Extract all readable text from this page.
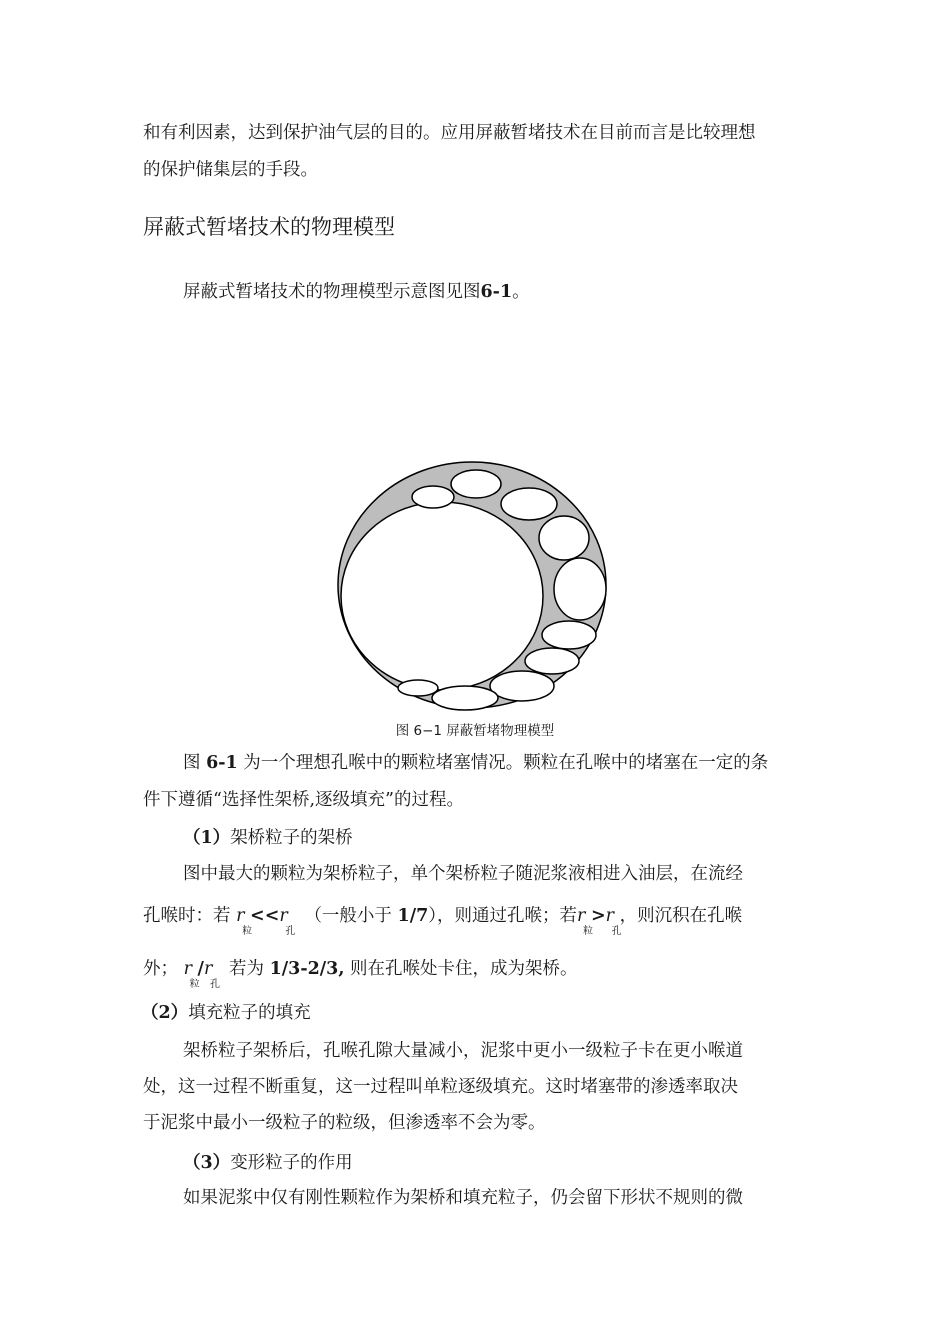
和有利因素，达到保护油气层的目的。应用屏蔽暂堵技术在目前而言是比较理想

的保护储集层的手段。

屏蔽式暂堵技术的物理模型

屏蔽式暂堵技术的物理模型示意图见图6-1。

图 6−1 屏蔽暂堵物理模型

图 6-1 为一个理想孔喉中的颗粒堵塞情况。颗粒在孔喉中的堵塞在一定的条

件下遵循“选择性架桥,逐级填充”的过程。

（1）架桥粒子的架桥

图中最大的颗粒为架桥粒子，单个架桥粒子随泥浆液相进入油层，在流经

孔喉时：若 r
粒
<<r
孔
（一般小于 1/7），则通过孔喉；若r
粒
>r
孔
，则沉积在孔喉

外； r
粒
/r
孔
若为 1/3-2/3, 则在孔喉处卡住，成为架桥。

（2）填充粒子的填充

架桥粒子架桥后，孔喉孔隙大量减小，泥浆中更小一级粒子卡在更小喉道

处，这一过程不断重复，这一过程叫单粒逐级填充。这时堵塞带的渗透率取决

于泥浆中最小一级粒子的粒级，但渗透率不会为零。

（3）变形粒子的作用

如果泥浆中仅有刚性颗粒作为架桥和填充粒子，仍会留下形状不规则的微
